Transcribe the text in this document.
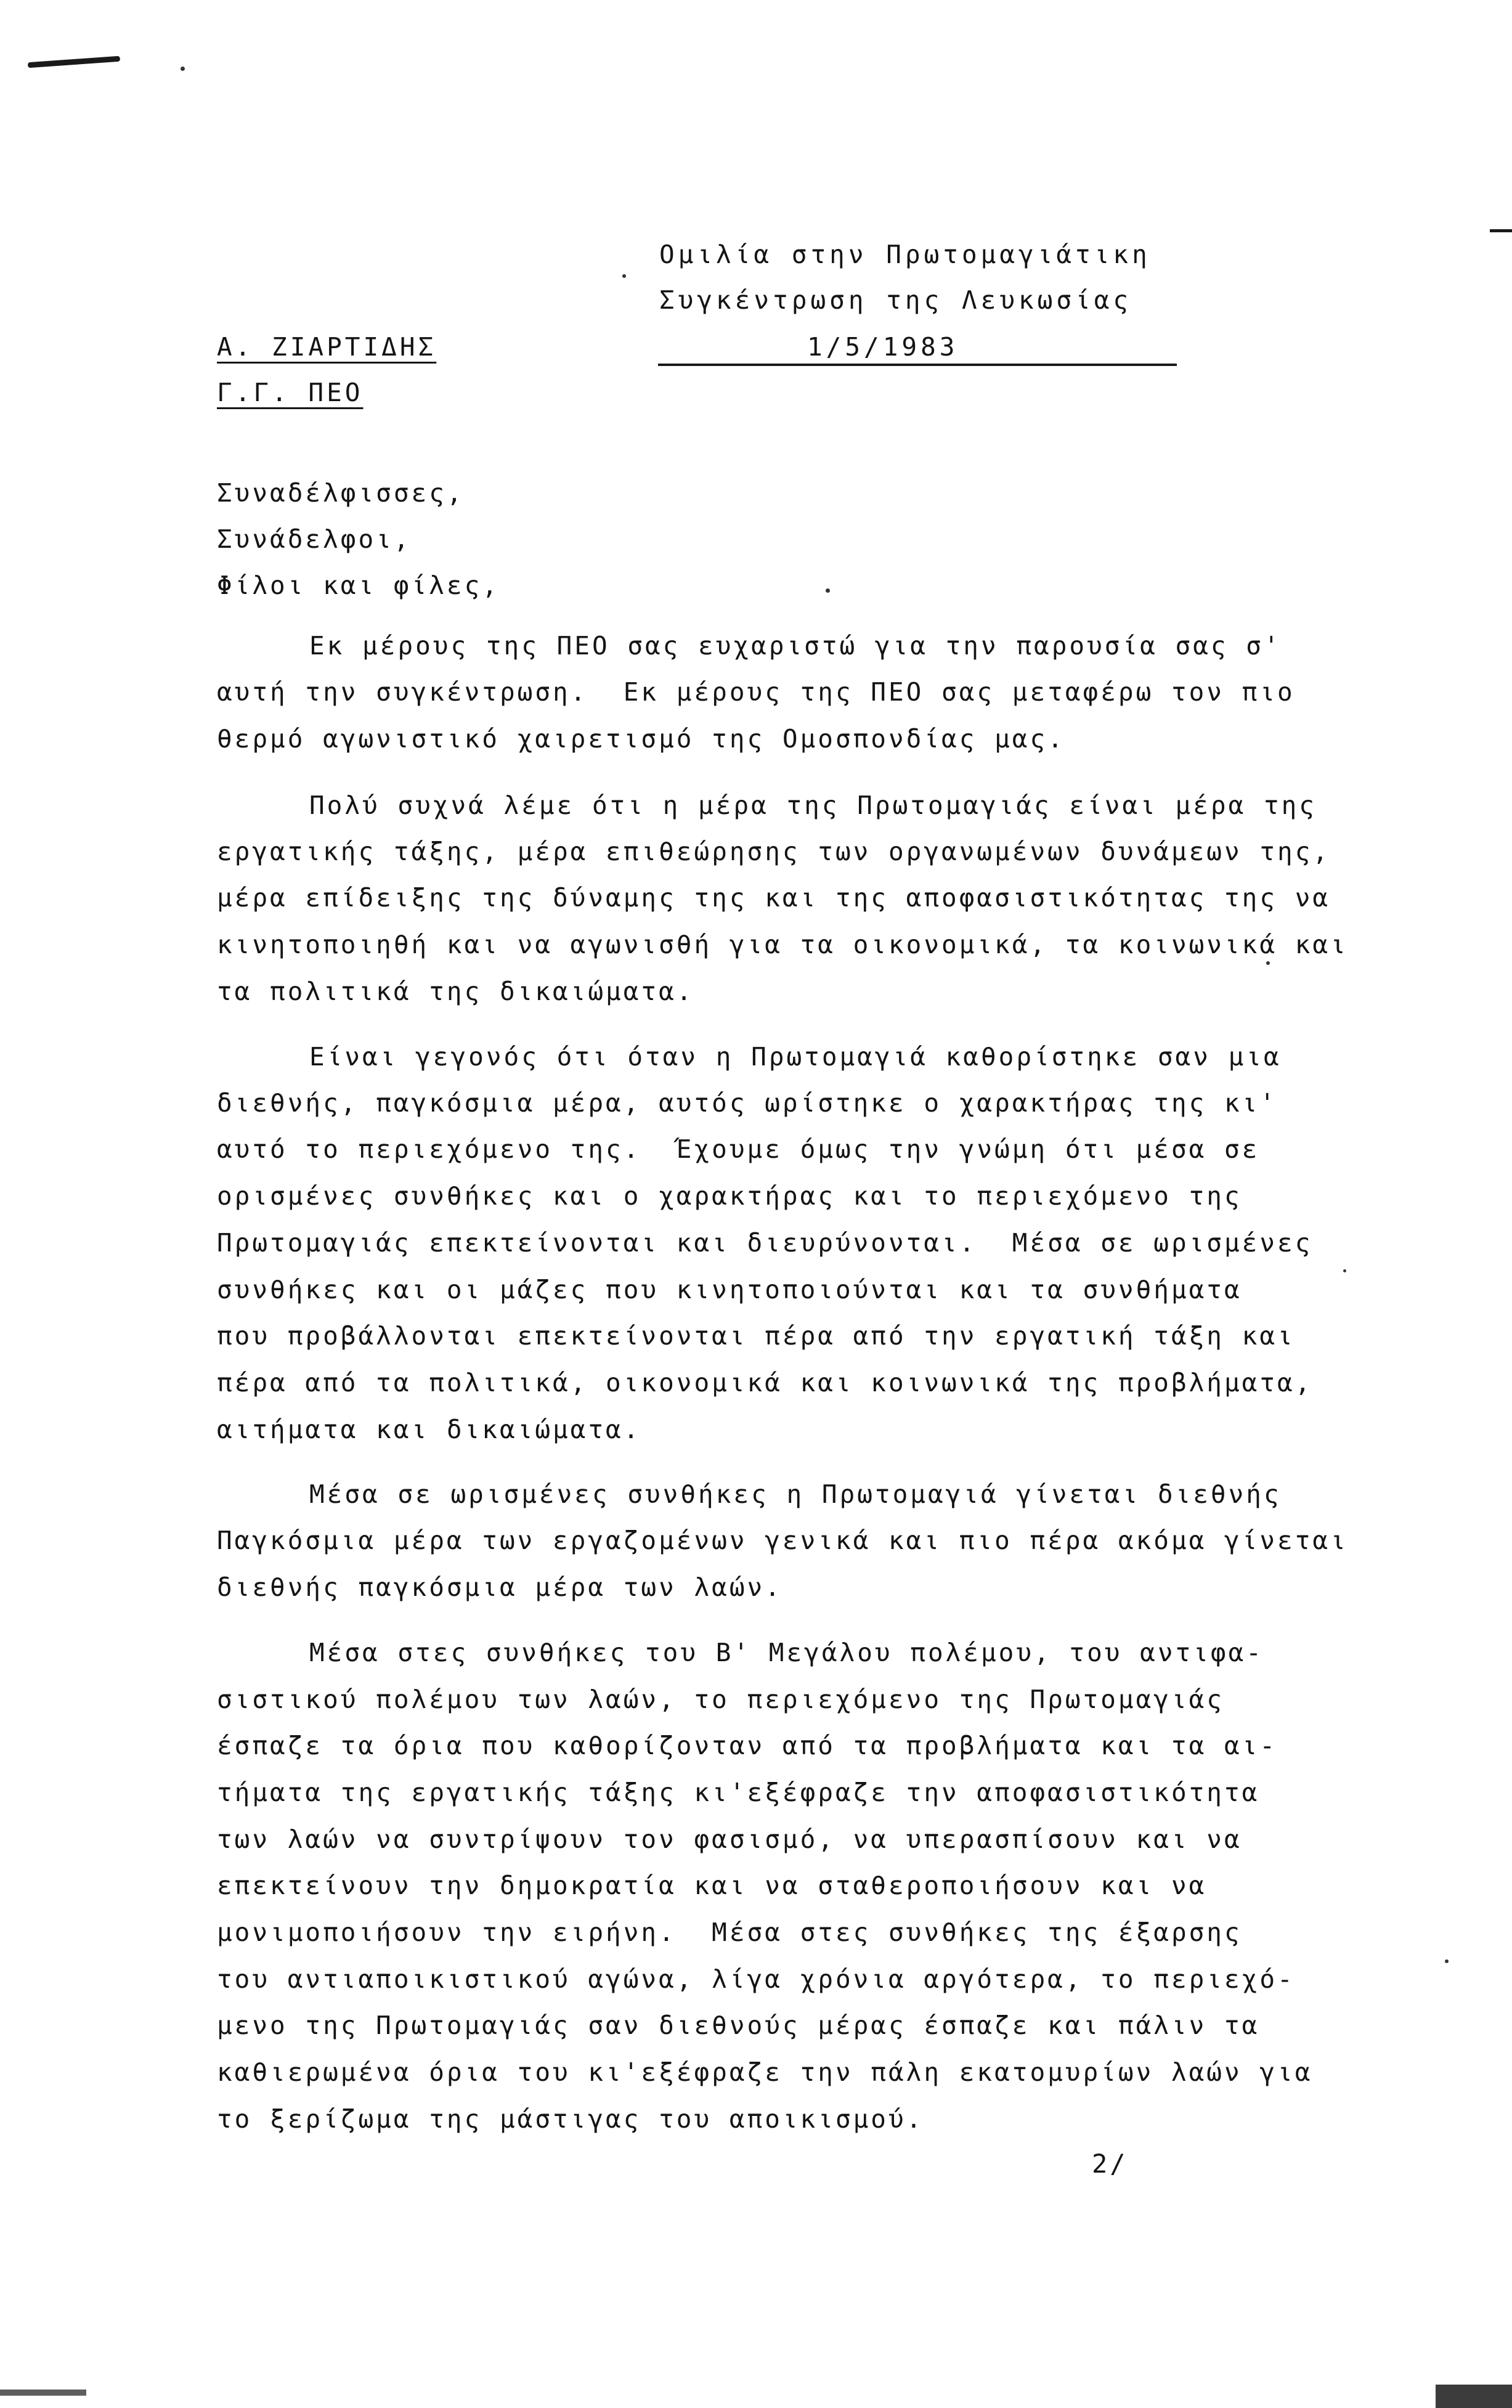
Ομιλία στην Πρωτομαγιάτικη
Συγκέντρωση της Λευκωσίας
1/5/1983
Α. ΖΙΑΡΤΙΔΗΣ
Γ.Γ. ΠΕΟ
Συναδέλφισσες,
Συνάδελφοι,
Φίλοι και φίλες,
Εκ μέρους της ΠΕΟ σας ευχαριστώ για την παρουσία σας σ'
αυτή την συγκέντρωση.  Εκ μέρους της ΠΕΟ σας μεταφέρω τον πιο
θερμό αγωνιστικό χαιρετισμό της Ομοσπονδίας μας.
Πολύ συχνά λέμε ότι η μέρα της Πρωτομαγιάς είναι μέρα της
εργατικής τάξης, μέρα επιθεώρησης των οργανωμένων δυνάμεων της,
μέρα επίδειξης της δύναμης της και της αποφασιστικότητας της να
κινητοποιηθή και να αγωνισθή για τα οικονομικά, τα κοινωνικά και
τα πολιτικά της δικαιώματα.
Είναι γεγονός ότι όταν η Πρωτομαγιά καθορίστηκε σαν μια
διεθνής, παγκόσμια μέρα, αυτός ωρίστηκε ο χαρακτήρας της κι'
αυτό το περιεχόμενο της.  Έχουμε όμως την γνώμη ότι μέσα σε
ορισμένες συνθήκες και ο χαρακτήρας και το περιεχόμενο της
Πρωτομαγιάς επεκτείνονται και διευρύνονται.  Μέσα σε ωρισμένες
συνθήκες και οι μάζες που κινητοποιούνται και τα συνθήματα
που προβάλλονται επεκτείνονται πέρα από την εργατική τάξη και
πέρα από τα πολιτικά, οικονομικά και κοινωνικά της προβλήματα,
αιτήματα και δικαιώματα.
Μέσα σε ωρισμένες συνθήκες η Πρωτομαγιά γίνεται διεθνής
Παγκόσμια μέρα των εργαζομένων γενικά και πιο πέρα ακόμα γίνεται
διεθνής παγκόσμια μέρα των λαών.
Μέσα στες συνθήκες του Β' Μεγάλου πολέμου, του αντιφα-
σιστικού πολέμου των λαών, το περιεχόμενο της Πρωτομαγιάς
έσπαζε τα όρια που καθορίζονταν από τα προβλήματα και τα αι-
τήματα της εργατικής τάξης κι'εξέφραζε την αποφασιστικότητα
των λαών να συντρίψουν τον φασισμό, να υπερασπίσουν και να
επεκτείνουν την δημοκρατία και να σταθεροποιήσουν και να
μονιμοποιήσουν την ειρήνη.  Μέσα στες συνθήκες της έξαρσης
του αντιαποικιστικού αγώνα, λίγα χρόνια αργότερα, το περιεχό-
μενο της Πρωτομαγιάς σαν διεθνούς μέρας έσπαζε και πάλιν τα
καθιερωμένα όρια του κι'εξέφραζε την πάλη εκατομυρίων λαών για
το ξερίζωμα της μάστιγας του αποικισμού.
2/
